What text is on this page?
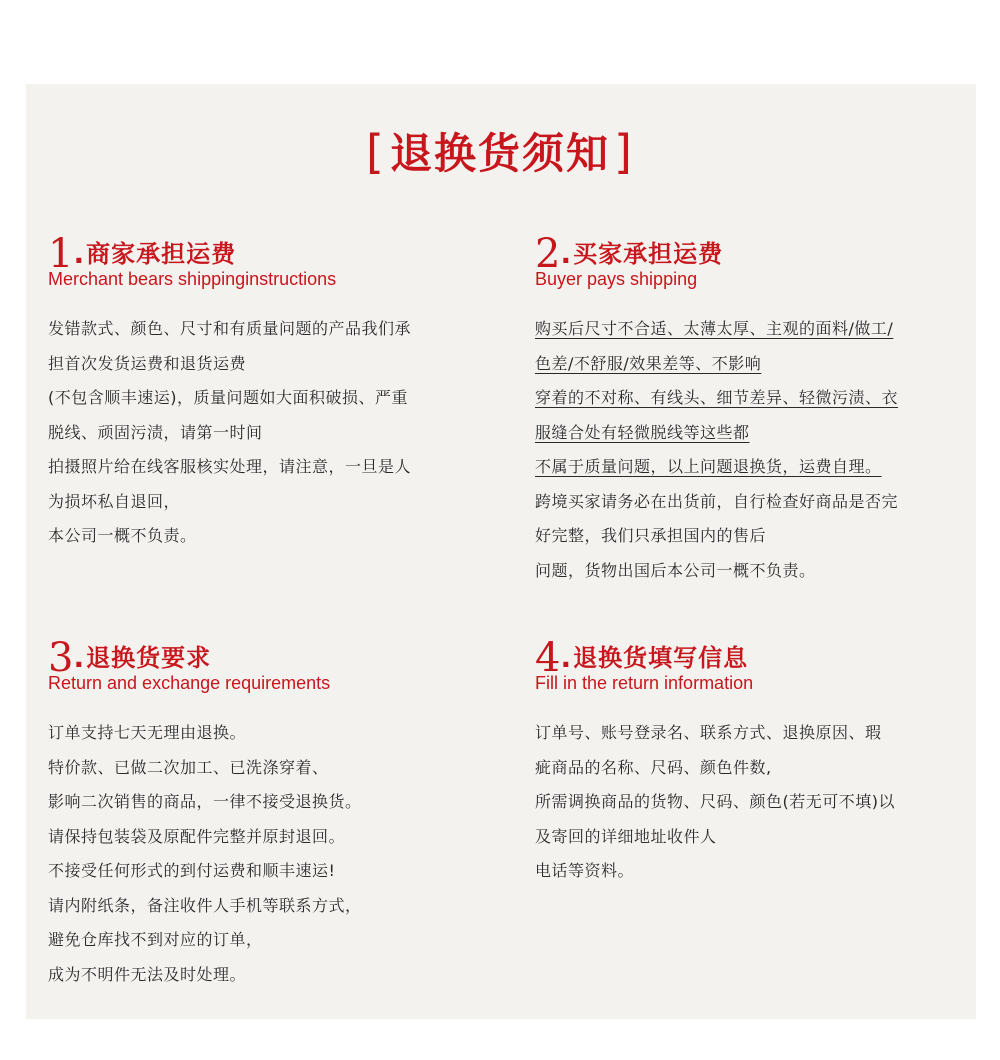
[退换货须知]
1.商家承担运费
Merchant bears shippinginstructions
发错款式、颜色、尺寸和有质量问题的产品我们承
担首次发货运费和退货运费
(不包含顺丰速运)，质量问题如大面积破损、严重
脱线、顽固污渍，请第一时间
拍摄照片给在线客服核实处理，请注意，一旦是人
为损坏私自退回，
本公司一概不负责。
2.买家承担运费
Buyer pays shipping
购买后尺寸不合适、太薄太厚、主观的面料/做工/
色差/不舒服/效果差等、不影响
穿着的不对称、有线头、细节差异、轻微污渍、衣
服缝合处有轻微脱线等这些都
不属于质量问题，以上问题退换货，运费自理。
跨境买家请务必在出货前，自行检查好商品是否完
好完整，我们只承担国内的售后
问题，货物出国后本公司一概不负责。
3.退换货要求
Return and exchange requirements
订单支持七天无理由退换。
特价款、已做二次加工、已洗涤穿着、
影响二次销售的商品，一律不接受退换货。
请保持包装袋及原配件完整并原封退回。
不接受任何形式的到付运费和顺丰速运!
请内附纸条，备注收件人手机等联系方式，
避免仓库找不到对应的订单，
成为不明件无法及时处理。
4.退换货填写信息
Fill in the return information
订单号、账号登录名、联系方式、退换原因、瑕
疵商品的名称、尺码、颜色件数,
所需调换商品的货物、尺码、颜色(若无可不填)以
及寄回的详细地址收件人
电话等资料。
